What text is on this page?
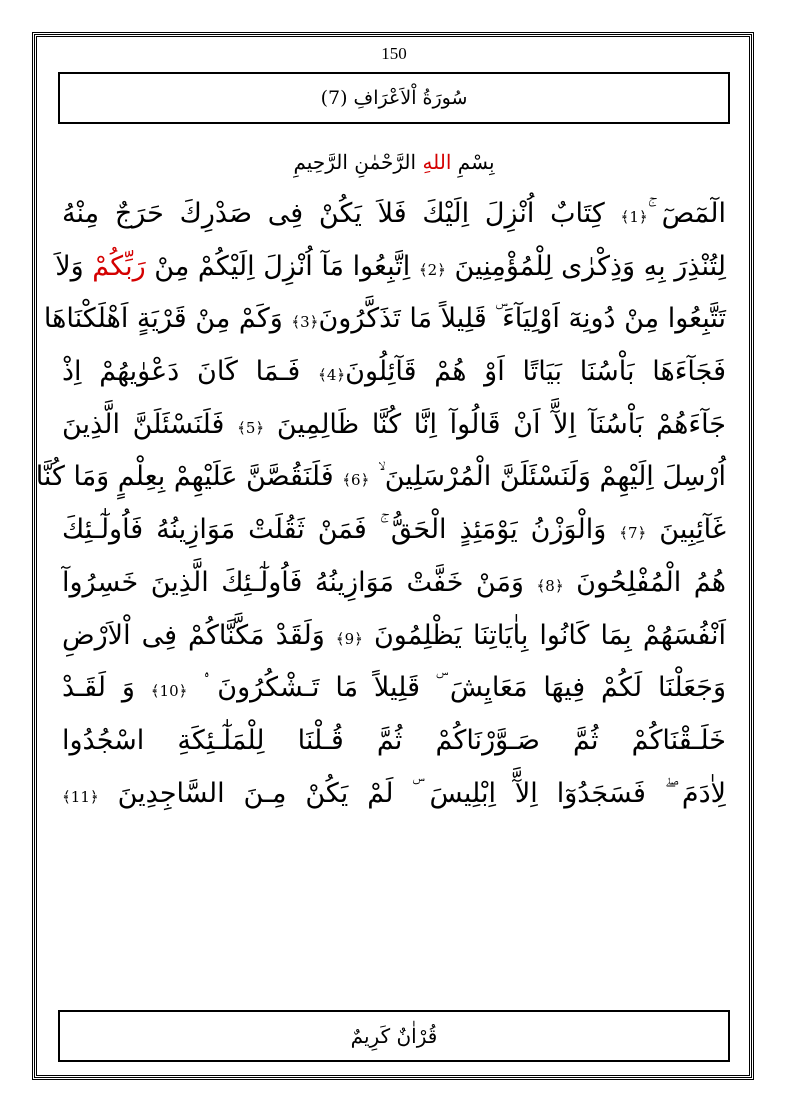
150
سُورَةُ اْلاَعْرَافِ (7)
بِسْمِ اللهِ الرَّحْمٰنِ الرَّحِيمِ
الٓمٓصٓ ۚ﴿1﴾ كِتَابٌ اُنْزِلَ اِلَيْكَ فَلاَ يَكُنْ فِى صَدْرِكَ حَرَجٌ مِنْهُ
لِتُنْذِرَ بِهِ وَذِكْرٰى لِلْمُؤْمِنِينَ ﴿2﴾ اِتَّبِعُوا مَآ اُنْزِلَ اِلَيْكُمْ مِنْ رَبِّكُمْ وَلاَ
تَتَّبِعُوا مِنْ دُونِهٓ اَوْلِيَآءَ ۜ قَلِيلاً مَا تَذَكَّرُونَ﴿3﴾ وَكَمْ مِنْ قَرْيَةٍ اَهْلَكْنَاهَا
فَجَآءَهَا بَاْسُنَا بَيَاتًا اَوْ هُمْ قَآئِلُونَ﴿4﴾ فَـمَا كَانَ دَعْوٰيهُمْ اِذْ
جَآءَهُمْ بَاْسُنَآ اِلآَّ اَنْ قَالُوآ اِنَّا كُنَّا ظَالِمِينَ ﴿5﴾ فَلَنَسْئَلَنَّ الَّذِينَ
اُرْسِلَ اِلَيْهِمْ وَلَنَسْئَلَنَّ الْمُرْسَلِينَ ۙ ﴿6﴾ فَلَنَقُصَّنَّ عَلَيْهِمْ بِعِلْمٍ وَمَا كُنَّا
غَآئِبِينَ ﴿7﴾ وَالْوَزْنُ يَوْمَئِذٍ الْحَقُّ ۚ فَمَنْ ثَقُلَتْ مَوَازِينُهُ فَاُولٰٓـئِكَ
هُمُ الْمُفْلِحُونَ ﴿8﴾ وَمَنْ خَفَّتْ مَوَازِينُهُ فَاُولٰٓـئِكَ الَّذِينَ خَسِرُوآ
اَنْفُسَهُمْ بِمَا كَانُوا بِاٰيَاتِنَا يَظْلِمُونَ ﴿9﴾ وَلَقَدْ مَكَّنَّاكُمْ فِى اْلاَرْضِ
وَجَعَلْنَا لَكُمْ فِيهَا مَعَايِشَ ۜ قَلِيلاً مَا تَـشْكُرُونَ ۟ ﴿10﴾ وَ لَقَـدْ
خَلَـقْنَاكُمْ ثُمَّ صَـوَّرْنَاكُمْ ثُمَّ قُـلْنَا لِلْمَلٰٓـئِكَةِ اسْجُدُوا
لِاٰدَمَ ۖ فَسَجَدُوٓا اِلآَّ اِبْلِيسَ ۜ لَمْ يَكُنْ مِـنَ السَّاجِدِينَ ﴿11﴾
قُرْاٰنٌ كَرِيمٌ
